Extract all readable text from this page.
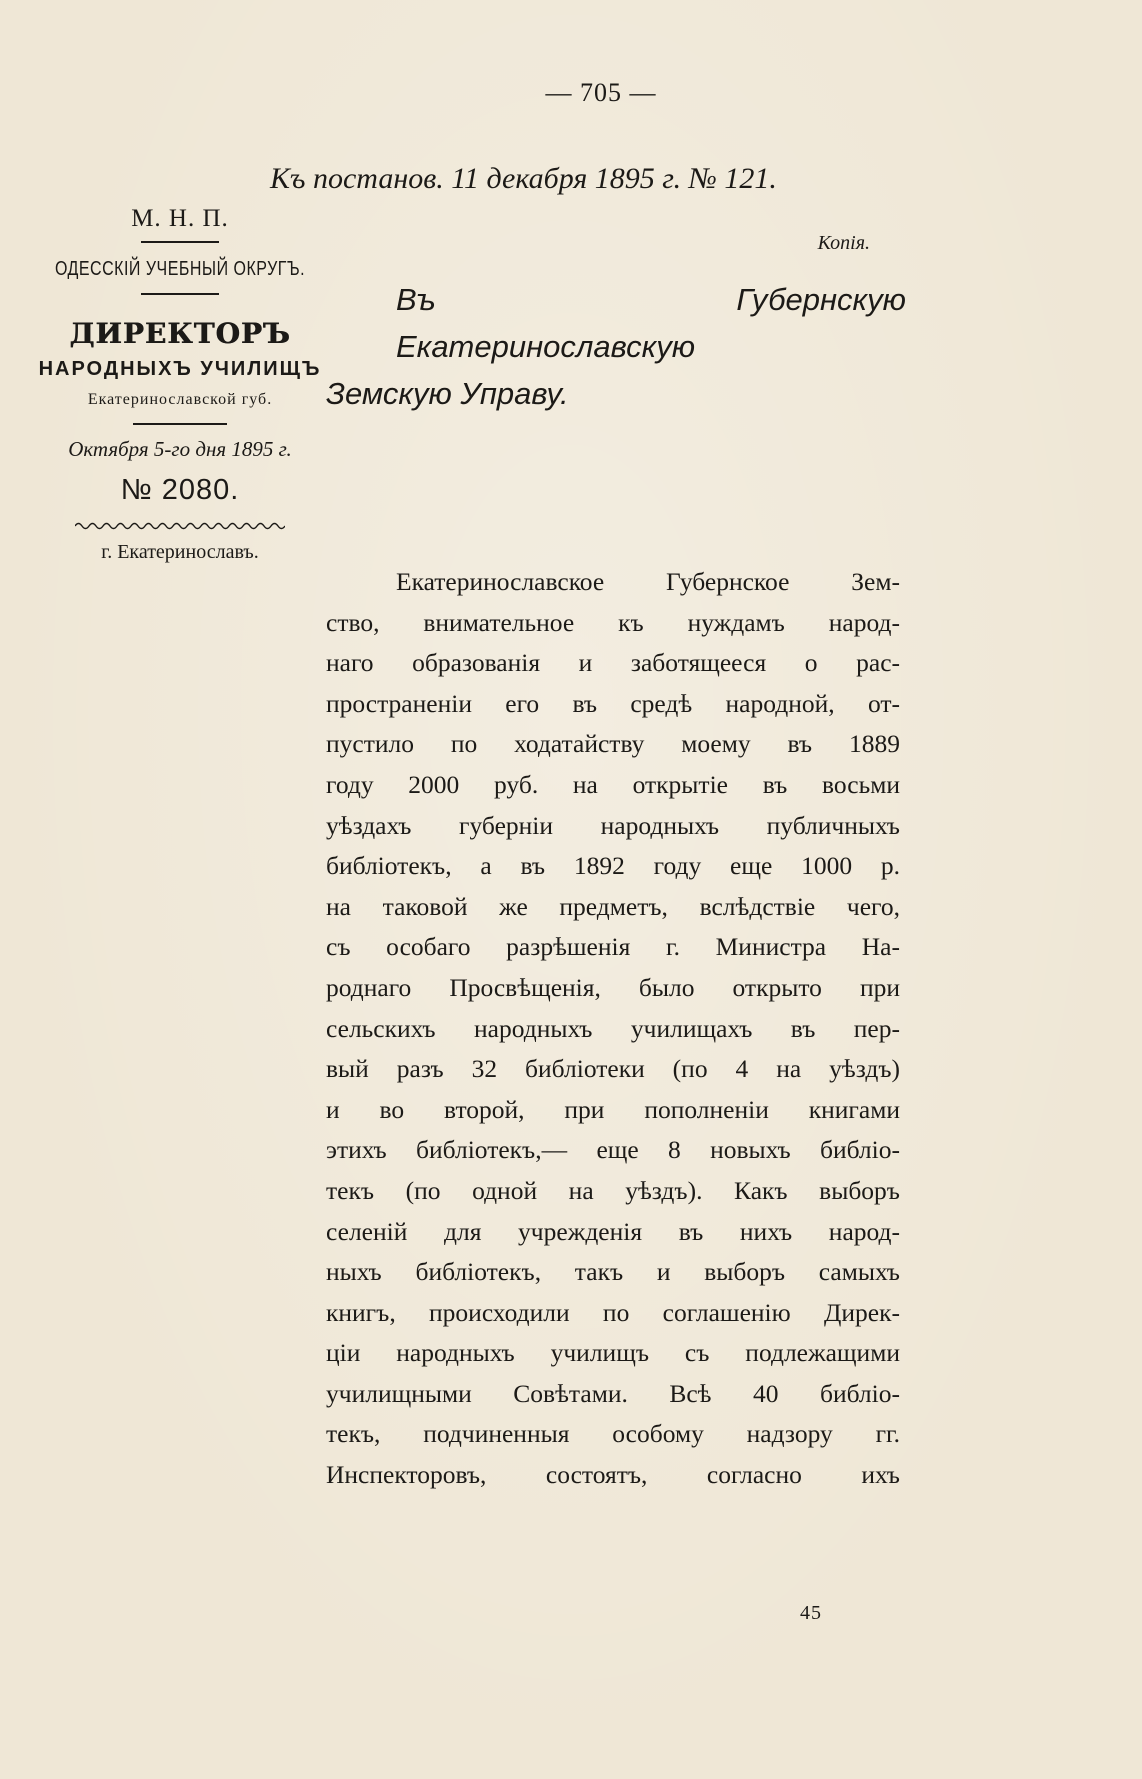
— 705 —
Къ постанов. 11 декабря 1895 г. № 121.
Копія.
Въ Екатеринославскую
Губернскую
Земскую Управу.
М. Н. П.
ОДЕССКІЙ УЧЕБНЫЙ ОКРУГЪ.
ДИРЕКТОРЪ
НАРОДНЫХЪ УЧИЛИЩЪ
Екатеринославской губ.
Октября 5-го дня 1895 г.
№ 2080.
г. Екатеринославъ.
Екатеринославское Губернское Зем-
ство, внимательное къ нуждамъ народ-
наго образованія и заботящееся о рас-
пространеніи его въ средѣ народной, от-
пустило по ходатайству моему въ 1889
году 2000 руб. на открытіе въ восьми
уѣздахъ губерніи народныхъ публичныхъ
библіотекъ, а въ 1892 году еще 1000 р.
на таковой же предметъ, вслѣдствіе чего,
съ особаго разрѣшенія г. Министра На-
роднаго Просвѣщенія, было открыто при
сельскихъ народныхъ училищахъ въ пер-
вый разъ 32 библіотеки (по 4 на уѣздъ)
и во второй, при пополненіи книгами
этихъ библіотекъ,— еще 8 новыхъ библіо-
текъ (по одной на уѣздъ). Какъ выборъ
селеній для учрежденія въ нихъ народ-
ныхъ библіотекъ, такъ и выборъ самыхъ
книгъ, происходили по соглашенію Дирек-
ціи народныхъ училищъ съ подлежащими
училищными Совѣтами. Всѣ 40 библіо-
текъ, подчиненныя особому надзору гг.
Инспекторовъ, состоятъ, согласно ихъ
45
